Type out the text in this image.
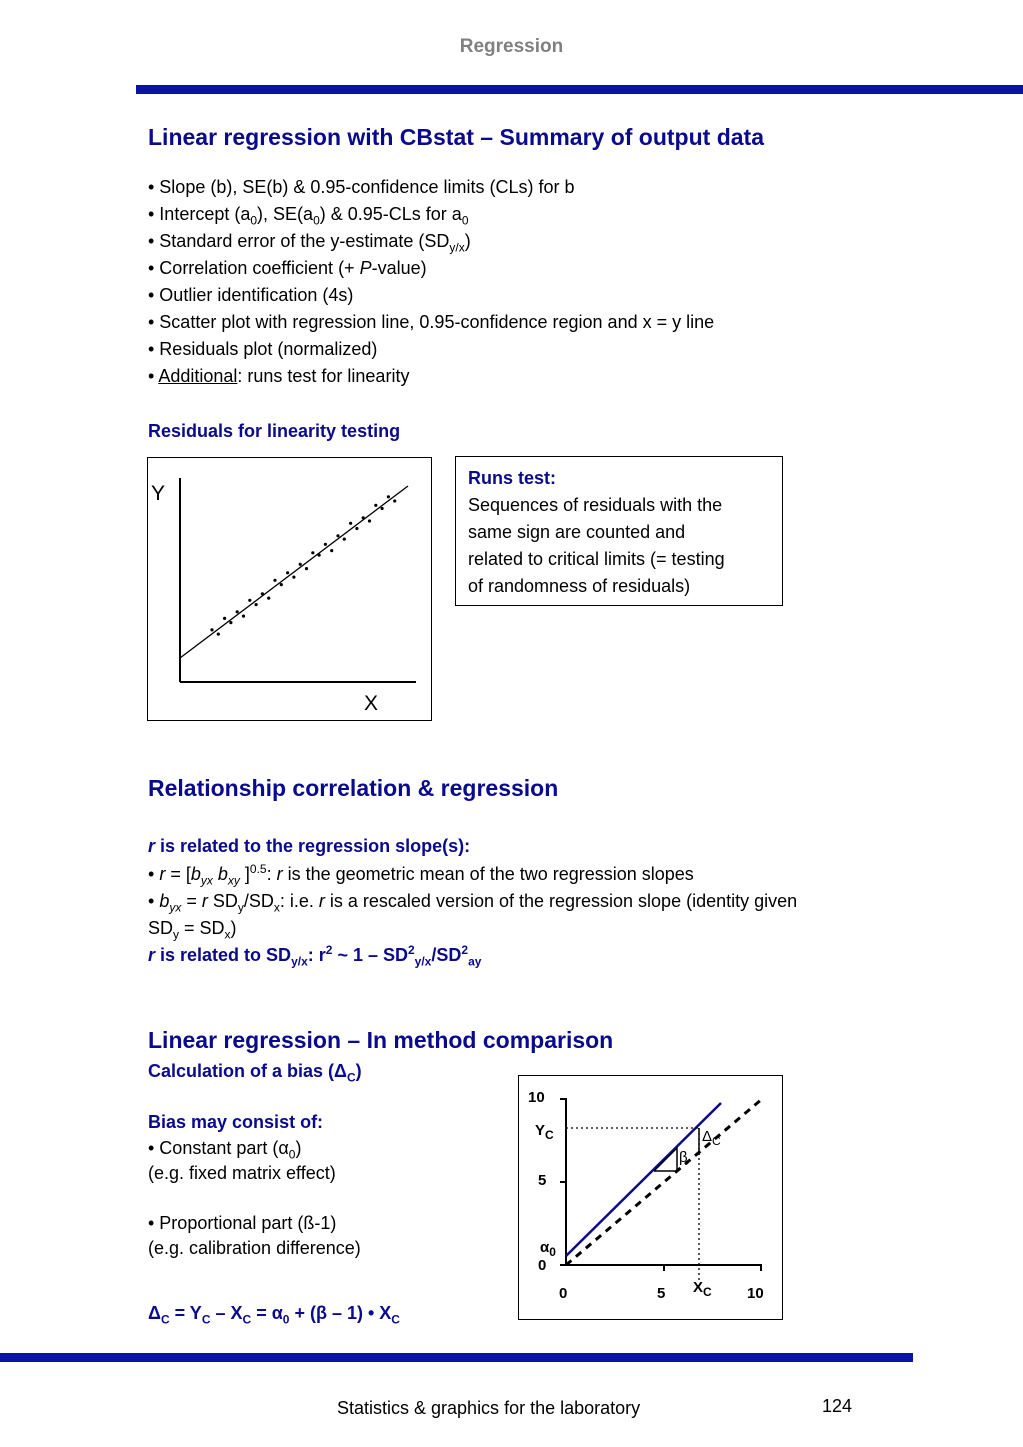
Regression
Linear regression with CBstat – Summary of output data
• Slope (b), SE(b) & 0.95-confidence limits (CLs) for b
• Intercept $(a_0)$, $SE(a_0)$ & 0.95-CLs for $a_0$
• Standard error of the y-estimate $(SD_{y/x})$
• Correlation coefficient (+ P-value)
• Outlier identification (4s)
• Scatter plot with regression line, 0.95-confidence region and x = y line
• Residuals plot (normalized)
• Additional: runs test for linearity
Residuals for linearity testing
Y
X
Runs test:
Sequences of residuals with the
same sign are counted and
related to critical limits (= testing
of randomness of residuals)
Relationship correlation & regression
r is related to the regression slope(s):
• $r = [b_{yx}$ $b_{xy}$ ]$^{0.5}$: r is the geometric mean of the two regression slopes
• $b_{yx} = r$ $SD_y/SD_x$: i.e. r is a rescaled version of the regression slope (identity given
$SD_y = SD_x$)
r is related to $SD_{y/x}$: $r^2$ ~ $1 - SD^2_{y/x}/SD^2_{ay}$
Linear regression – In method comparison
Calculation of a bias $(\Delta_C)$
Bias may consist of:
• Constant part $(\alpha_0)$
(e.g. fixed matrix effect)
• Proportional part (ß-1)
(e.g. calibration difference)
$\Delta_C = Y_C - X_C = \alpha_0 + (\beta - 1)$ • $X_C$
10
5
0
0	5	10
$Y_C$
$X_C$
$\alpha_0$
β
$\Delta_C$
Statistics & graphics for the laboratory	124
